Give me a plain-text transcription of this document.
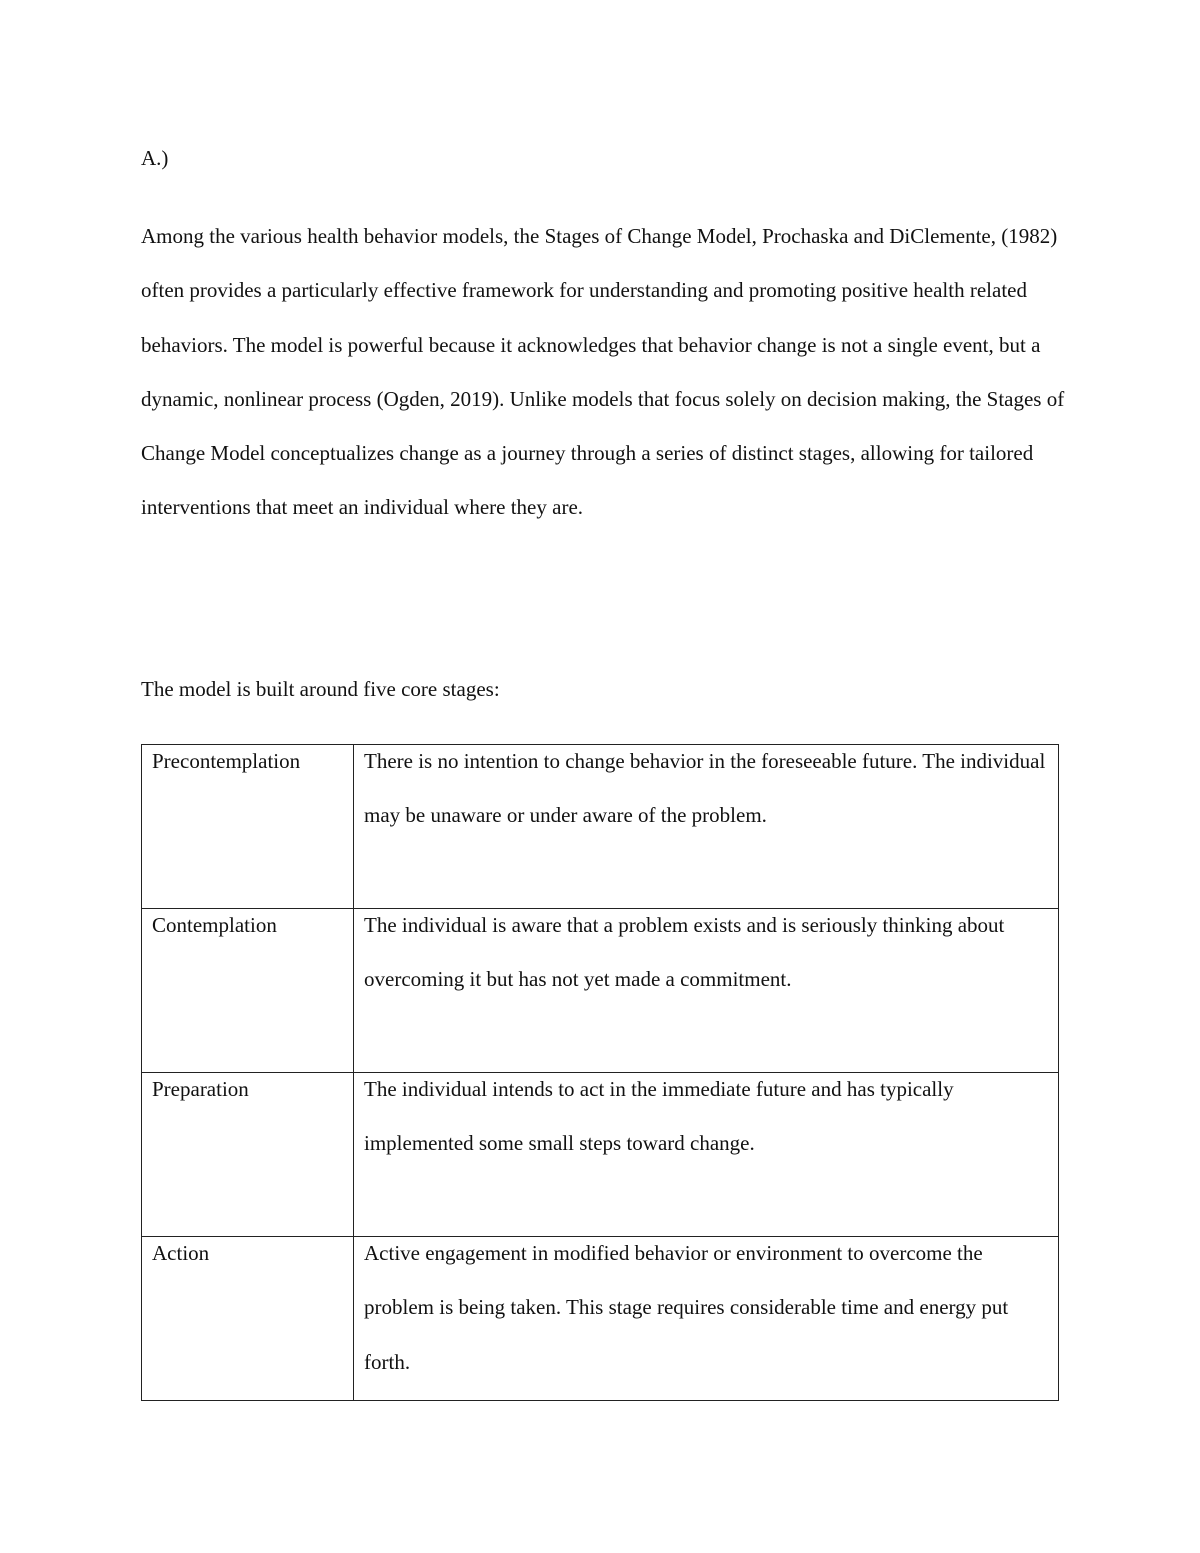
A.)

Among the various health behavior models, the Stages of Change Model, Prochaska and DiClemente, (1982) often provides a particularly effective framework for understanding and promoting positive health related behaviors. The model is powerful because it acknowledges that behavior change is not a single event, but a dynamic, nonlinear process (Ogden, 2019). Unlike models that focus solely on decision making, the Stages of Change Model conceptualizes change as a journey through a series of distinct stages, allowing for tailored interventions that meet an individual where they are.

The model is built around five core stages:

Precontemplation	There is no intention to change behavior in the foreseeable future. The individual may be unaware or under aware of the problem.

Contemplation	The individual is aware that a problem exists and is seriously thinking about overcoming it but has not yet made a commitment.

Preparation	The individual intends to act in the immediate future and has typically implemented some small steps toward change.

Action	Active engagement in modified behavior or environment to overcome the problem is being taken. This stage requires considerable time and energy put forth.
